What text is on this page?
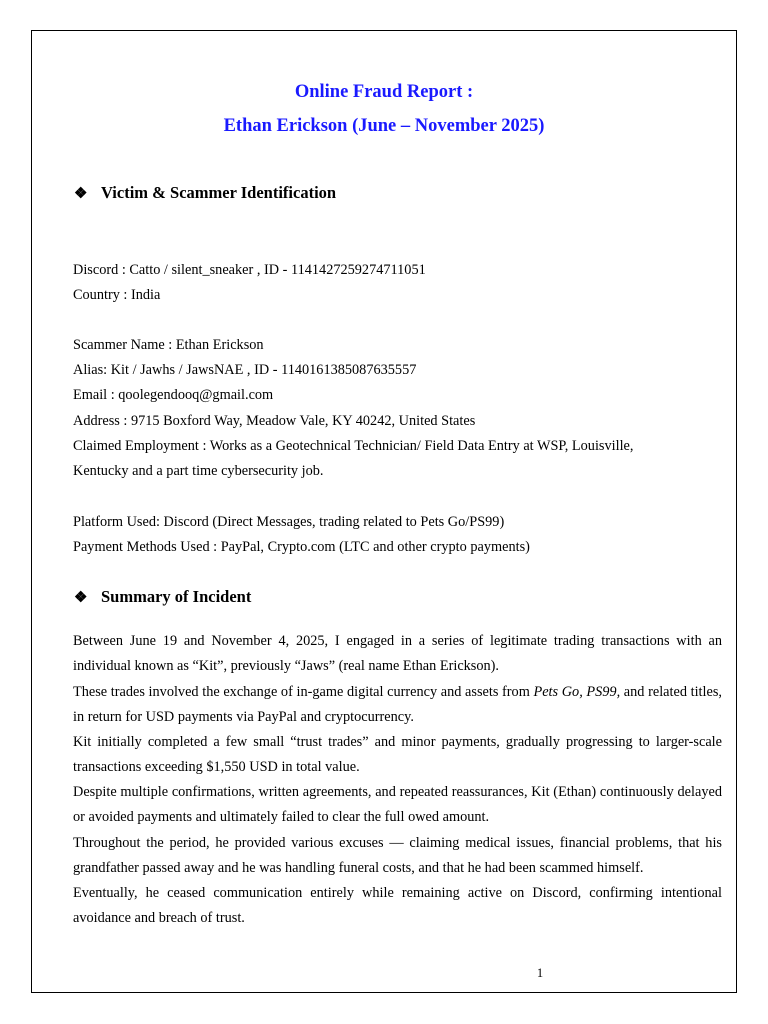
Online Fraud Report :
Ethan Erickson (June – November 2025)
❖ Victim & Scammer Identification

Discord : Catto / silent_sneaker , ID - 1141427259274711051

Country : India

Scammer Name : Ethan Erickson

Alias: Kit / Jawhs / JawsNAE , ID - 1140161385087635557

Email : qoolegendooq@gmail.com

Address : 9715 Boxford Way, Meadow Vale, KY 40242, United States

Claimed Employment : Works as a Geotechnical Technician/ Field Data Entry at WSP, Louisville,

Kentucky and a part time cybersecurity job.

Platform Used: Discord (Direct Messages, trading related to Pets Go/PS99)

Payment Methods Used : PayPal, Crypto.com (LTC and other crypto payments)

❖ Summary of Incident

Between June 19 and November 4, 2025, I engaged in a series of legitimate trading transactions with an individual known as “Kit”, previously “Jaws” (real name Ethan Erickson).

These trades involved the exchange of in-game digital currency and assets from Pets Go, PS99, and related titles, in return for USD payments via PayPal and cryptocurrency.

Kit initially completed a few small “trust trades” and minor payments, gradually progressing to larger-scale transactions exceeding $1,550 USD in total value.

Despite multiple confirmations, written agreements, and repeated reassurances, Kit (Ethan) continuously delayed or avoided payments and ultimately failed to clear the full owed amount.

Throughout the period, he provided various excuses — claiming medical issues, financial problems, that his grandfather passed away and he was handling funeral costs, and that he had been scammed himself.

Eventually, he ceased communication entirely while remaining active on Discord, confirming intentional avoidance and breach of trust.

1
